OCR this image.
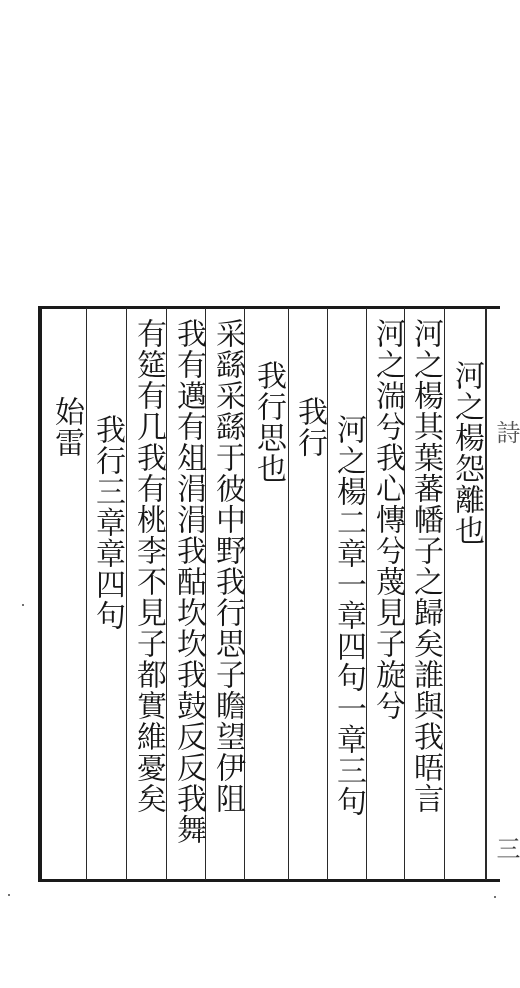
詩
三
河之楊怨離也
河之楊其葉蕃幡子之歸矣誰與我晤言
河之湍兮我心慱兮蔑見子旋兮
河之楊二章一章四句一章三句
我行
我行思也
采繇采繇于彼中野我行思子瞻望伊阻
我有邁有俎涓涓我酤坎坎我鼓反反我舞
有筵有几我有桃李不見子都實維憂矣
我行三章章四句
始雷
